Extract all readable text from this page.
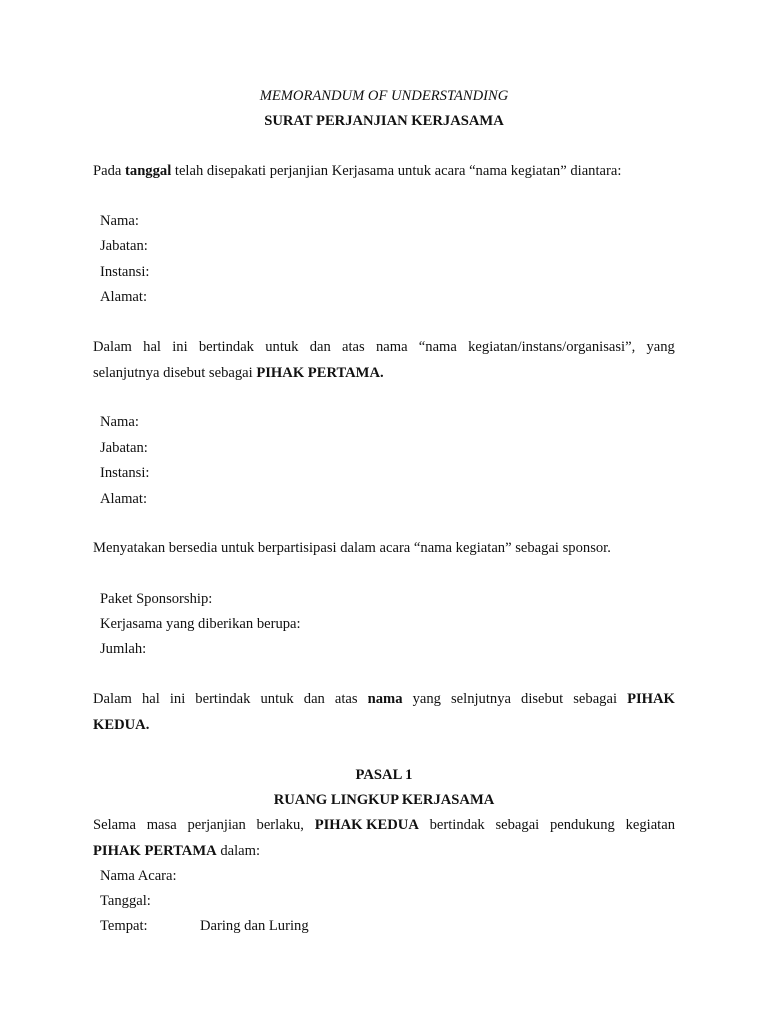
MEMORANDUM OF UNDERSTANDING
SURAT PERJANJIAN KERJASAMA
Pada tanggal telah disepakati perjanjian Kerjasama untuk acara “nama kegiatan” diantara:
Nama:
Jabatan:
Instansi:
Alamat:
Dalam hal ini bertindak untuk dan atas nama “nama kegiatan/instans/organisasi”, yang
selanjutnya disebut sebagai PIHAK PERTAMA.
Nama:
Jabatan:
Instansi:
Alamat:
Menyatakan bersedia untuk berpartisipasi dalam acara “nama kegiatan” sebagai sponsor.
Paket Sponsorship:
Kerjasama yang diberikan berupa:
Jumlah:
Dalam hal ini bertindak untuk dan atas nama yang selnjutnya disebut sebagai PIHAK
KEDUA.
PASAL 1
RUANG LINGKUP KERJASAMA
Selama masa perjanjian berlaku, PIHAK KEDUA bertindak sebagai pendukung kegiatan
PIHAK PERTAMA dalam:
Nama Acara:
Tanggal:
Tempat:	Daring dan Luring
